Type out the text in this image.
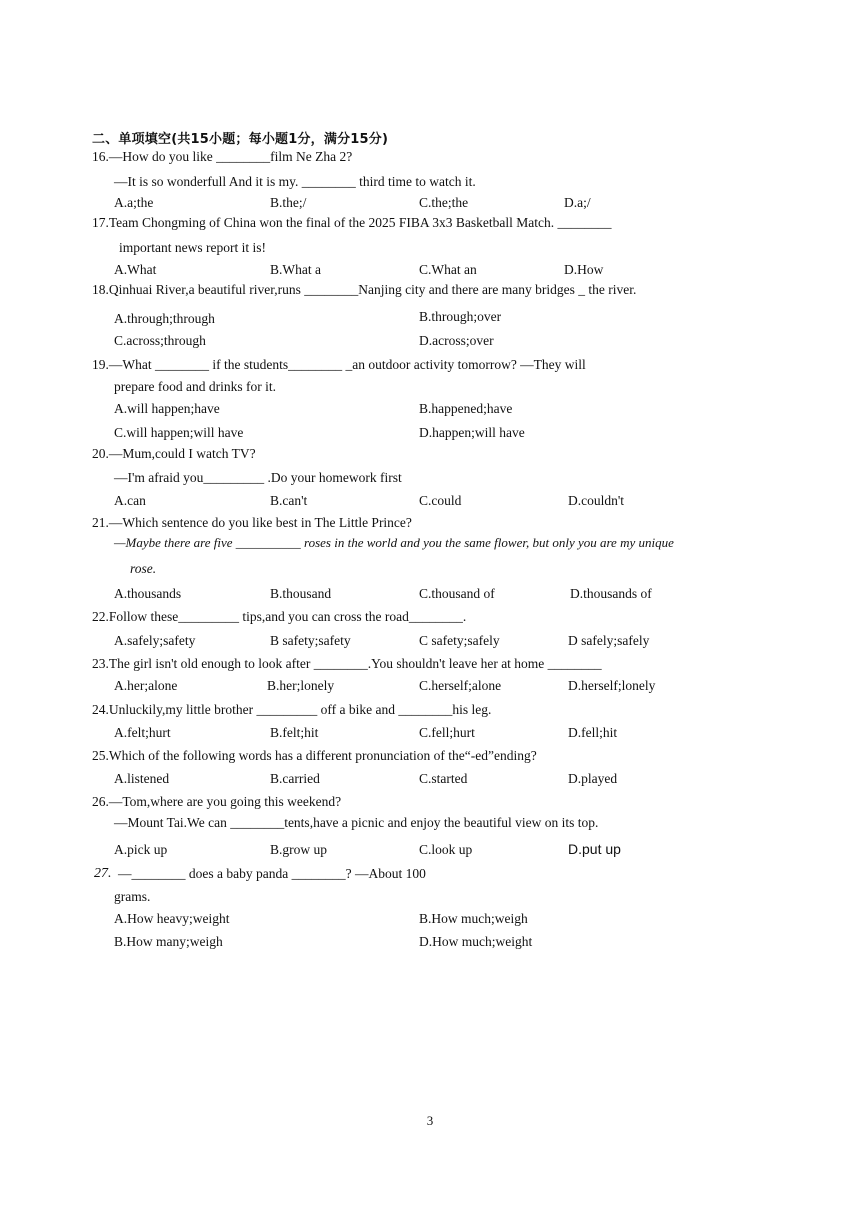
二、单项填空(共15小题；每小题1分，满分15分)
16.—How do you like ________film Ne Zha 2?
—It is so wonderfull And it is my. ________ third time to watch it.
A.a;the	B.the;/	C.the;the	D.a;/
17.Team Chongming of China won the final of the 2025 FIBA 3x3 Basketball Match. ________
important news report it is!
A.What	B.What a	C.What an	D.How
18.Qinhuai River,a beautiful river,runs ________Nanjing city and there are many bridges _ the river.
A.through;through	B.through;over
C.across;through	D.across;over
19.—What ________ if the students________ _an outdoor activity tomorrow? —They will
prepare food and drinks for it.
A.will happen;have	B.happened;have
C.will happen;will have	D.happen;will have
20.—Mum,could I watch TV?
—I'm afraid you_________ .Do your homework first
A.can	B.can't	C.could	D.couldn't
21.—Which sentence do you like best in The Little Prince?
—Maybe there are five __________ roses in the world and you the same flower, but only you are my unique
rose.
A.thousands	B.thousand	C.thousand of	D.thousands of
22.Follow these_________ tips,and you can cross the road________.
A.safely;safety	B safety;safety	C safety;safely	D safely;safely
23.The girl isn't old enough to look after ________.You shouldn't leave her at home ________
A.her;alone	B.her;lonely	C.herself;alone	D.herself;lonely
24.Unluckily,my little brother _________ off a bike and ________his leg.
A.felt;hurt	B.felt;hit	C.fell;hurt	D.fell;hit
25.Which of the following words has a different pronunciation of the“-ed”ending?
A.listened	B.carried	C.started	D.played
26.—Tom,where are you going this weekend?
—Mount Tai.We can ________tents,have a picnic and enjoy the beautiful view on its top.
A.pick up	B.grow up	C.look up	D.put up
27. —________ does a baby panda ________? —About 100
grams.
A.How heavy;weight	B.How much;weigh
B.How many;weigh	D.How much;weight
3
